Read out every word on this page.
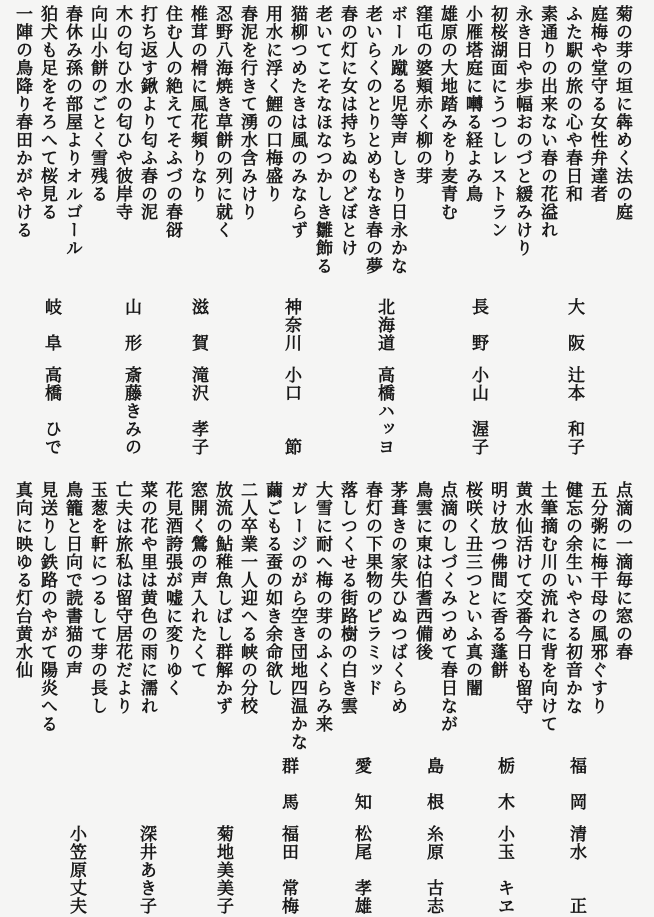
菊の芽の垣に犇めく法の庭
庭梅や堂守る女性弁達者
ふた駅の旅の心や春日和
素通りの出来ない春の花溢れ
永き日や歩幅おのづと緩みけり
初桜湖面にうつしレストラン
小雁塔庭に囀る経よみ鳥
雄原の大地踏みをり麦青む
窪屯の婆頬赤く柳の芽
ボール蹴る児等声しきり日永かな
老いらくのとりとめもなき春の夢
春の灯に女は持ちぬのどぼとけ
老いてこそなほなつかしき雛飾る
猫柳つめたきは風のみならず
用水に浮く鯉の口梅盛り
春泥を行きて湧水含みけり
忍野八海焼き草餅の列に就く
椎茸の榾に風花頻りなり
住む人の絶えてそふづの春谺
打ち返す鍬より匂ふ春の泥
木の匂ひ水の匂ひや彼岸寺
向山小餅のごとく雪残る
春休み孫の部屋よりオルゴール
狛犬も足をそろへて桜見る
一陣の鳥降り春田かがやける
大　阪
辻本　和子
長　野
小山　渥子
北海道
高橋ハッヨ
神奈川
小口　　節
滋　賀
滝沢　孝子
山　形
斎藤きみの
岐　阜
高橋　ひで
点滴の一滴毎に窓の春
五分粥に梅干母の風邪ぐすり
健忘の余生いやさる初音かな
土筆摘む川の流れに背を向けて
黄水仙活けて交番今日も留守
明け放つ佛間に香る蓬餅
桜咲く丑三つといふ真の闇
点滴のしづくみつめて春日なが
鳥雲に東は伯耆西備後
茅葺きの家失ひぬつばくらめ
春灯の下果物のピラミッド
落しつくせる街路樹の白き雲
大雪に耐へ梅の芽のふくらみ来
ガレージのがら空き団地四温かな
繭ごもる蚕の如き余命欲し
二人卒業一人迎へる峡の分校
放流の鮎稚魚しばし群解かず
窓開く鶯の声入れたくて
花見酒誇張が嘘に変りゆく
菜の花や里は黄色の雨に濡れ
亡夫は旅私は留守居花だより
玉葱を軒につるして芽の長し
鳥籠と日向で読書猫の声
見送りし鉄路のやがて陽炎へる
真向に映ゆる灯台黄水仙
福　岡
清水　　正
栃　木
小玉　キヱ
島　根
糸原　古志
愛　知
松尾　孝雄
群　馬
福田　常梅
菊地美美子
深井あき子
小笠原丈夫
